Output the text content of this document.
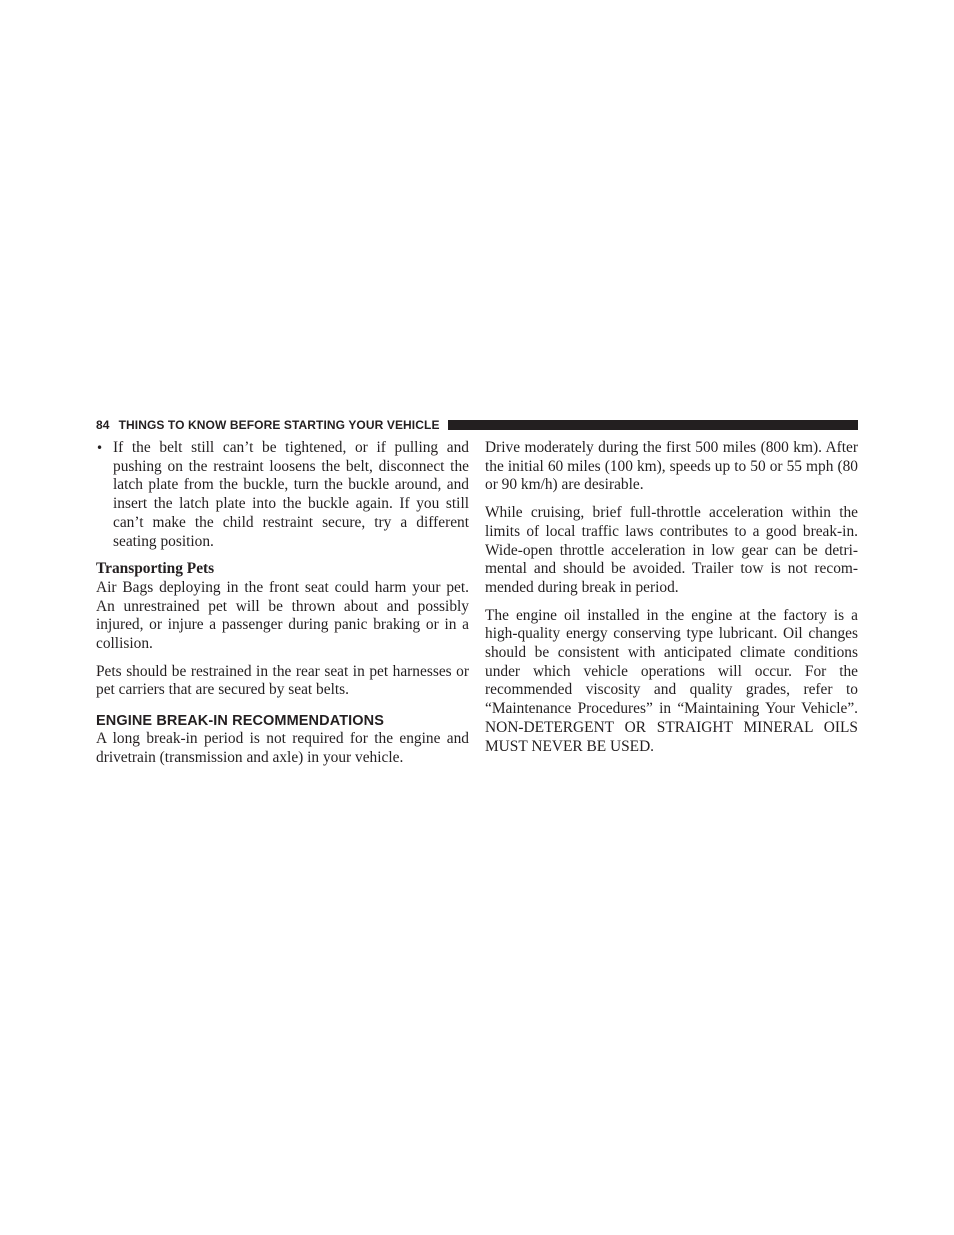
84 THINGS TO KNOW BEFORE STARTING YOUR VEHICLE
• If the belt still can’t be tightened, or if pulling and pushing on the restraint loosens the belt, disconnect the latch plate from the buckle, turn the buckle around, and insert the latch plate into the buckle again. If you still can’t make the child restraint secure, try a different seating position.

Transporting Pets

Air Bags deploying in the front seat could harm your pet. An unrestrained pet will be thrown about and possibly injured, or injure a passenger during panic braking or in a collision.

Pets should be restrained in the rear seat in pet harnesses or pet carriers that are secured by seat belts.

ENGINE BREAK-IN RECOMMENDATIONS

A long break-in period is not required for the engine and drivetrain (transmission and axle) in your vehicle.

Drive moderately during the first 500 miles (800 km). After the initial 60 miles (100 km), speeds up to 50 or 55 mph (80 or 90 km/h) are desirable.

While cruising, brief full-throttle acceleration within the limits of local traffic laws contributes to a good break-in. Wide-open throttle acceleration in low gear can be detrimental and should be avoided. Trailer tow is not recommended during break in period.

The engine oil installed in the engine at the factory is a high-quality energy conserving type lubricant. Oil changes should be consistent with anticipated climate conditions under which vehicle operations will occur. For the recommended viscosity and quality grades, refer to “Maintenance Procedures” in “Maintaining Your Vehicle”. NON-DETERGENT OR STRAIGHT MINERAL OILS MUST NEVER BE USED.
